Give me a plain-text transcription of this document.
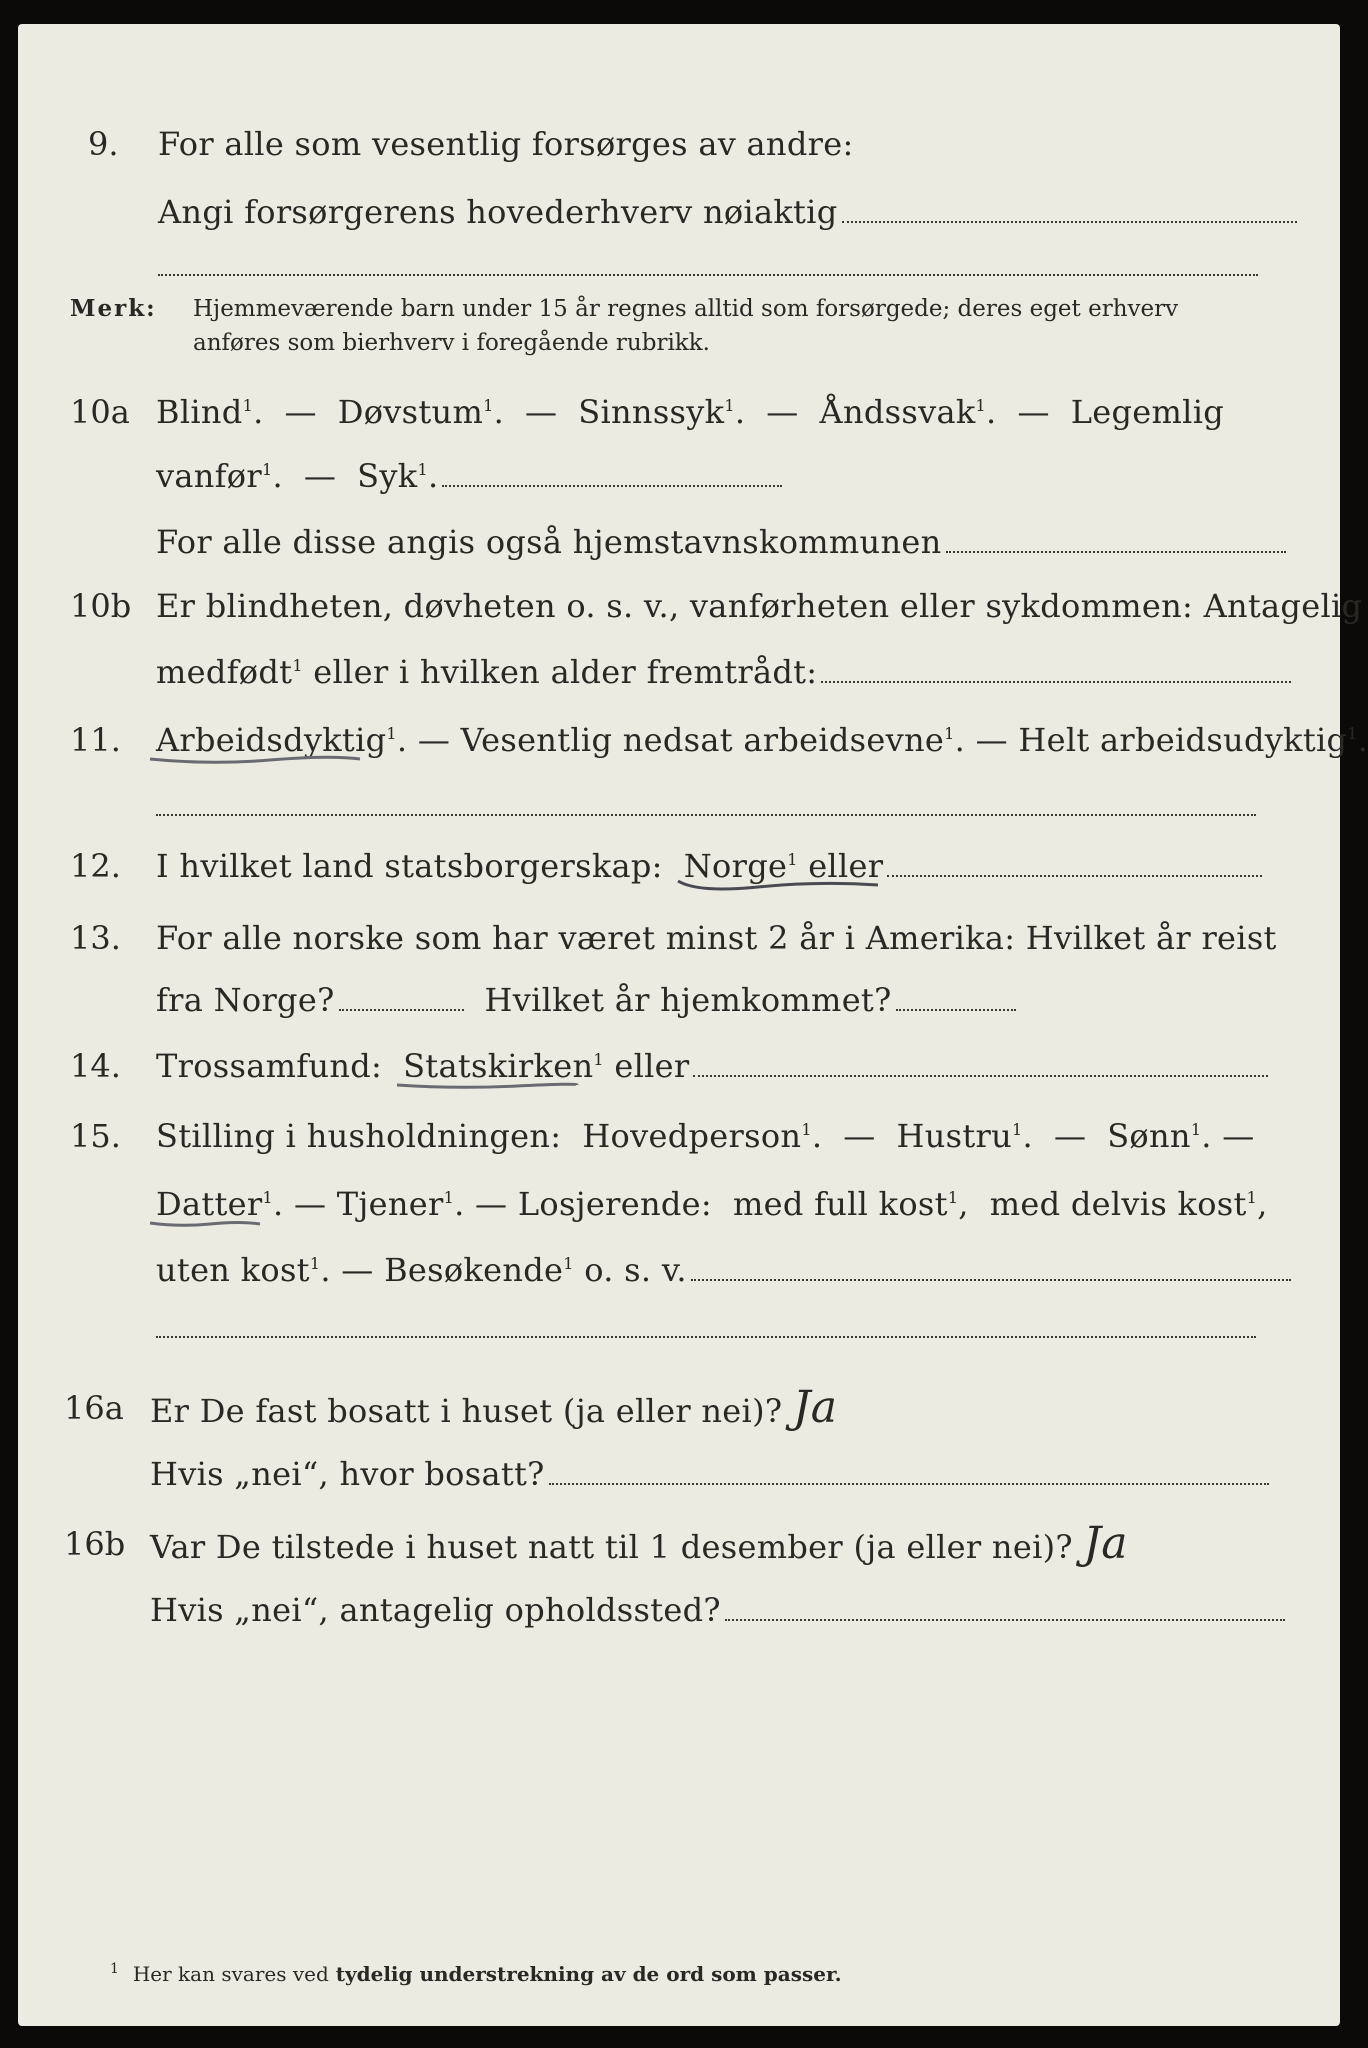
9. For alle som vesentlig forsørges av andre:
Angi forsørgerens hovederhverv nøiaktig
Merk: Hjemmeværende barn under 15 år regnes alltid som forsørgede; deres eget erhverv
anføres som bierhverv i foregående rubrikk.
10a Blind$^1$.  — Døvstum$^1$.  — Sinnssyk$^1$.  — Åndssvak$^1$.  — Legemlig
vanfør$^1$.  — Syk$^1$.
For alle disse angis også hjemstavnskommunen
10b Er blindheten, døvheten o. s. v., vanførheten eller sykdommen: Antagelig
medfødt$^1$ eller i hvilken alder fremtrådt:
11. Arbeidsdyktig
$^1$. — Vesentlig nedsat arbeidsevne$^1$. — Helt arbeidsudyktig$^1$.
12. I hvilket land statsborgerskap: Norge$^1$ eller
13. For alle norske som har været minst 2 år i Amerika: Hvilket år reist
fra Norge?	Hvilket år hjemkommet?
14. Trossamfund: Statskirken
$^1$ eller
15. Stilling i husholdningen: Hovedperson$^1$.  — Hustru$^1$.  — Sønn$^1$. —
Datter
$^1$. — Tjener$^1$. — Losjerende: med full kost$^1$,  med delvis kost$^1$,
uten kost$^1$. — Besøkende$^1$ o. s. v.
16a Er De fast bosatt i huset (ja eller nei)? Ja
Hvis „nei“, hvor bosatt?
16b Var De tilstede i huset natt til 1 desember (ja eller nei)? Ja
Hvis „nei“, antagelig opholdssted?
$^1$ Her kan svares ved tydelig understrekning av de ord som passer.
